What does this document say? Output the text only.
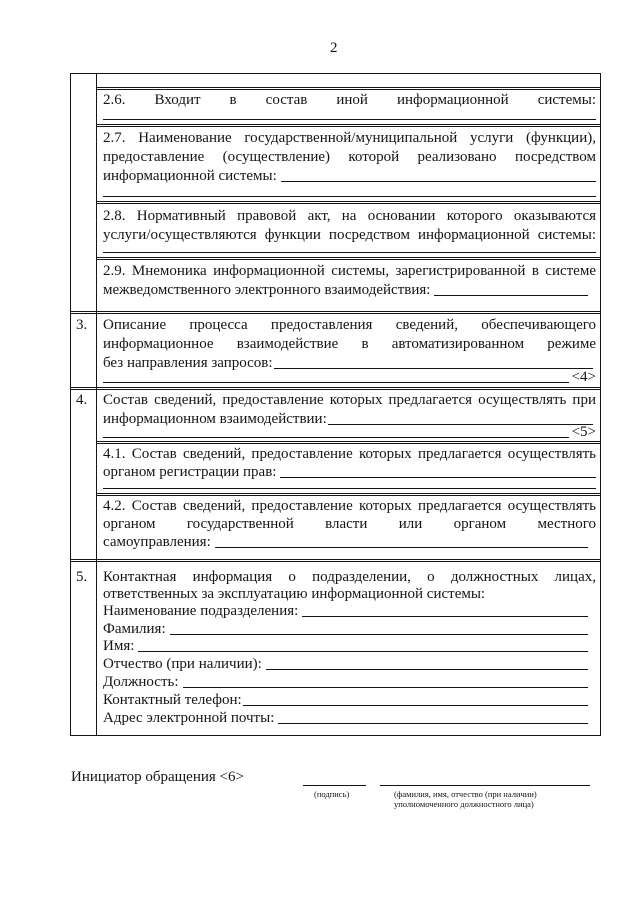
2
2.6. Входит в состав иной информационной системы:
2.7. Наименование государственной/муниципальной услуги (функции),
предоставление (осуществление) которой реализовано посредством
информационной системы:
2.8. Нормативный правовой акт, на основании которого оказываются
услуги/осуществляются функции посредством информационной системы:
2.9. Мнемоника информационной системы, зарегистрированной в системе
межведомственного электронного взаимодействия:
3. Описание процесса предоставления сведений, обеспечивающего
информационное взаимодействие в автоматизированном режиме
без направления запросов:
<4>
4. Состав сведений, предоставление которых предлагается осуществлять при
информационном взаимодействии:
<5>
4.1. Состав сведений, предоставление которых предлагается осуществлять
органом регистрации прав:
4.2. Состав сведений, предоставление которых предлагается осуществлять
органом государственной власти или органом местного
самоуправления:
5. Контактная информация о подразделении, о должностных лицах,
ответственных за эксплуатацию информационной системы:
Наименование подразделения:
Фамилия:
Имя:
Отчество (при наличии):
Должность:
Контактный телефон:
Адрес электронной почты:
Инициатор обращения <6>
(подпись)	(фамилия, имя, отчество (при наличии)
уполномоченного должностного лица)
